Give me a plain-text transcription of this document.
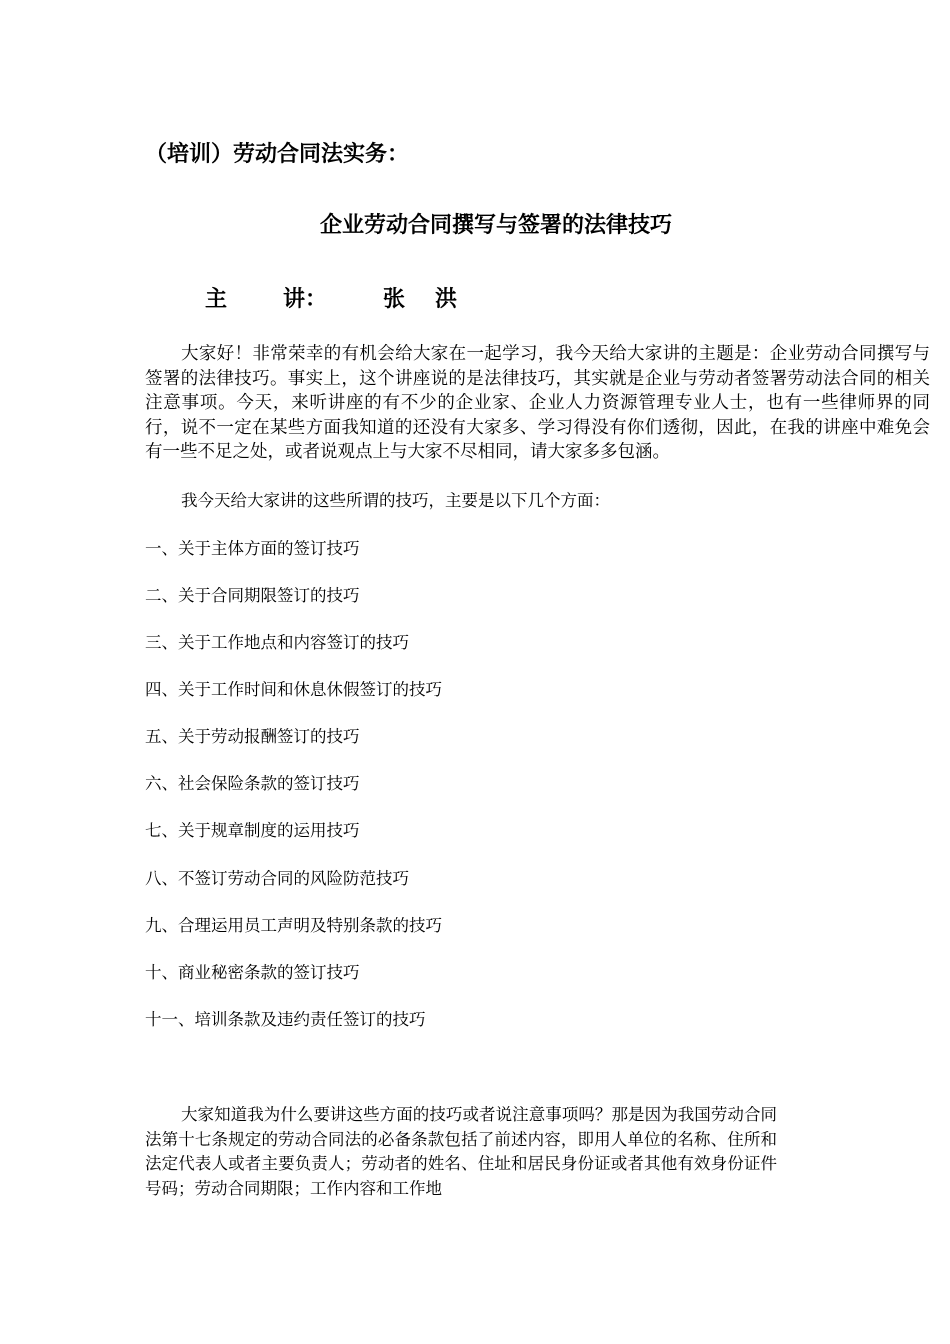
（培训）劳动合同法实务：
企业劳动合同撰写与签署的法律技巧
主	讲：	张 洪

大家好！非常荣幸的有机会给大家在一起学习，我今天给大家讲的主题是：企业劳动合同撰写与签署的法律技巧。事实上，这个讲座说的是法律技巧，其实就是企业与劳动者签署劳动法合同的相关注意事项。今天，来听讲座的有不少的企业家、企业人力资源管理专业人士，也有一些律师界的同行，说不一定在某些方面我知道的还没有大家多、学习得没有你们透彻，因此，在我的讲座中难免会有一些不足之处，或者说观点上与大家不尽相同，请大家多多包涵。

我今天给大家讲的这些所谓的技巧，主要是以下几个方面：

一、关于主体方面的签订技巧

二、关于合同期限签订的技巧

三、关于工作地点和内容签订的技巧

四、关于工作时间和休息休假签订的技巧

五、关于劳动报酬签订的技巧

六、社会保险条款的签订技巧

七、关于规章制度的运用技巧

八、不签订劳动合同的风险防范技巧

九、合理运用员工声明及特别条款的技巧

十、商业秘密条款的签订技巧

十一、培训条款及违约责任签订的技巧

大家知道我为什么要讲这些方面的技巧或者说注意事项吗？那是因为我国劳动合同法第十七条规定的劳动合同法的必备条款包括了前述内容，即用人单位的名称、住所和法定代表人或者主要负责人；劳动者的姓名、住址和居民身份证或者其他有效身份证件号码；劳动合同期限；工作内容和工作地
